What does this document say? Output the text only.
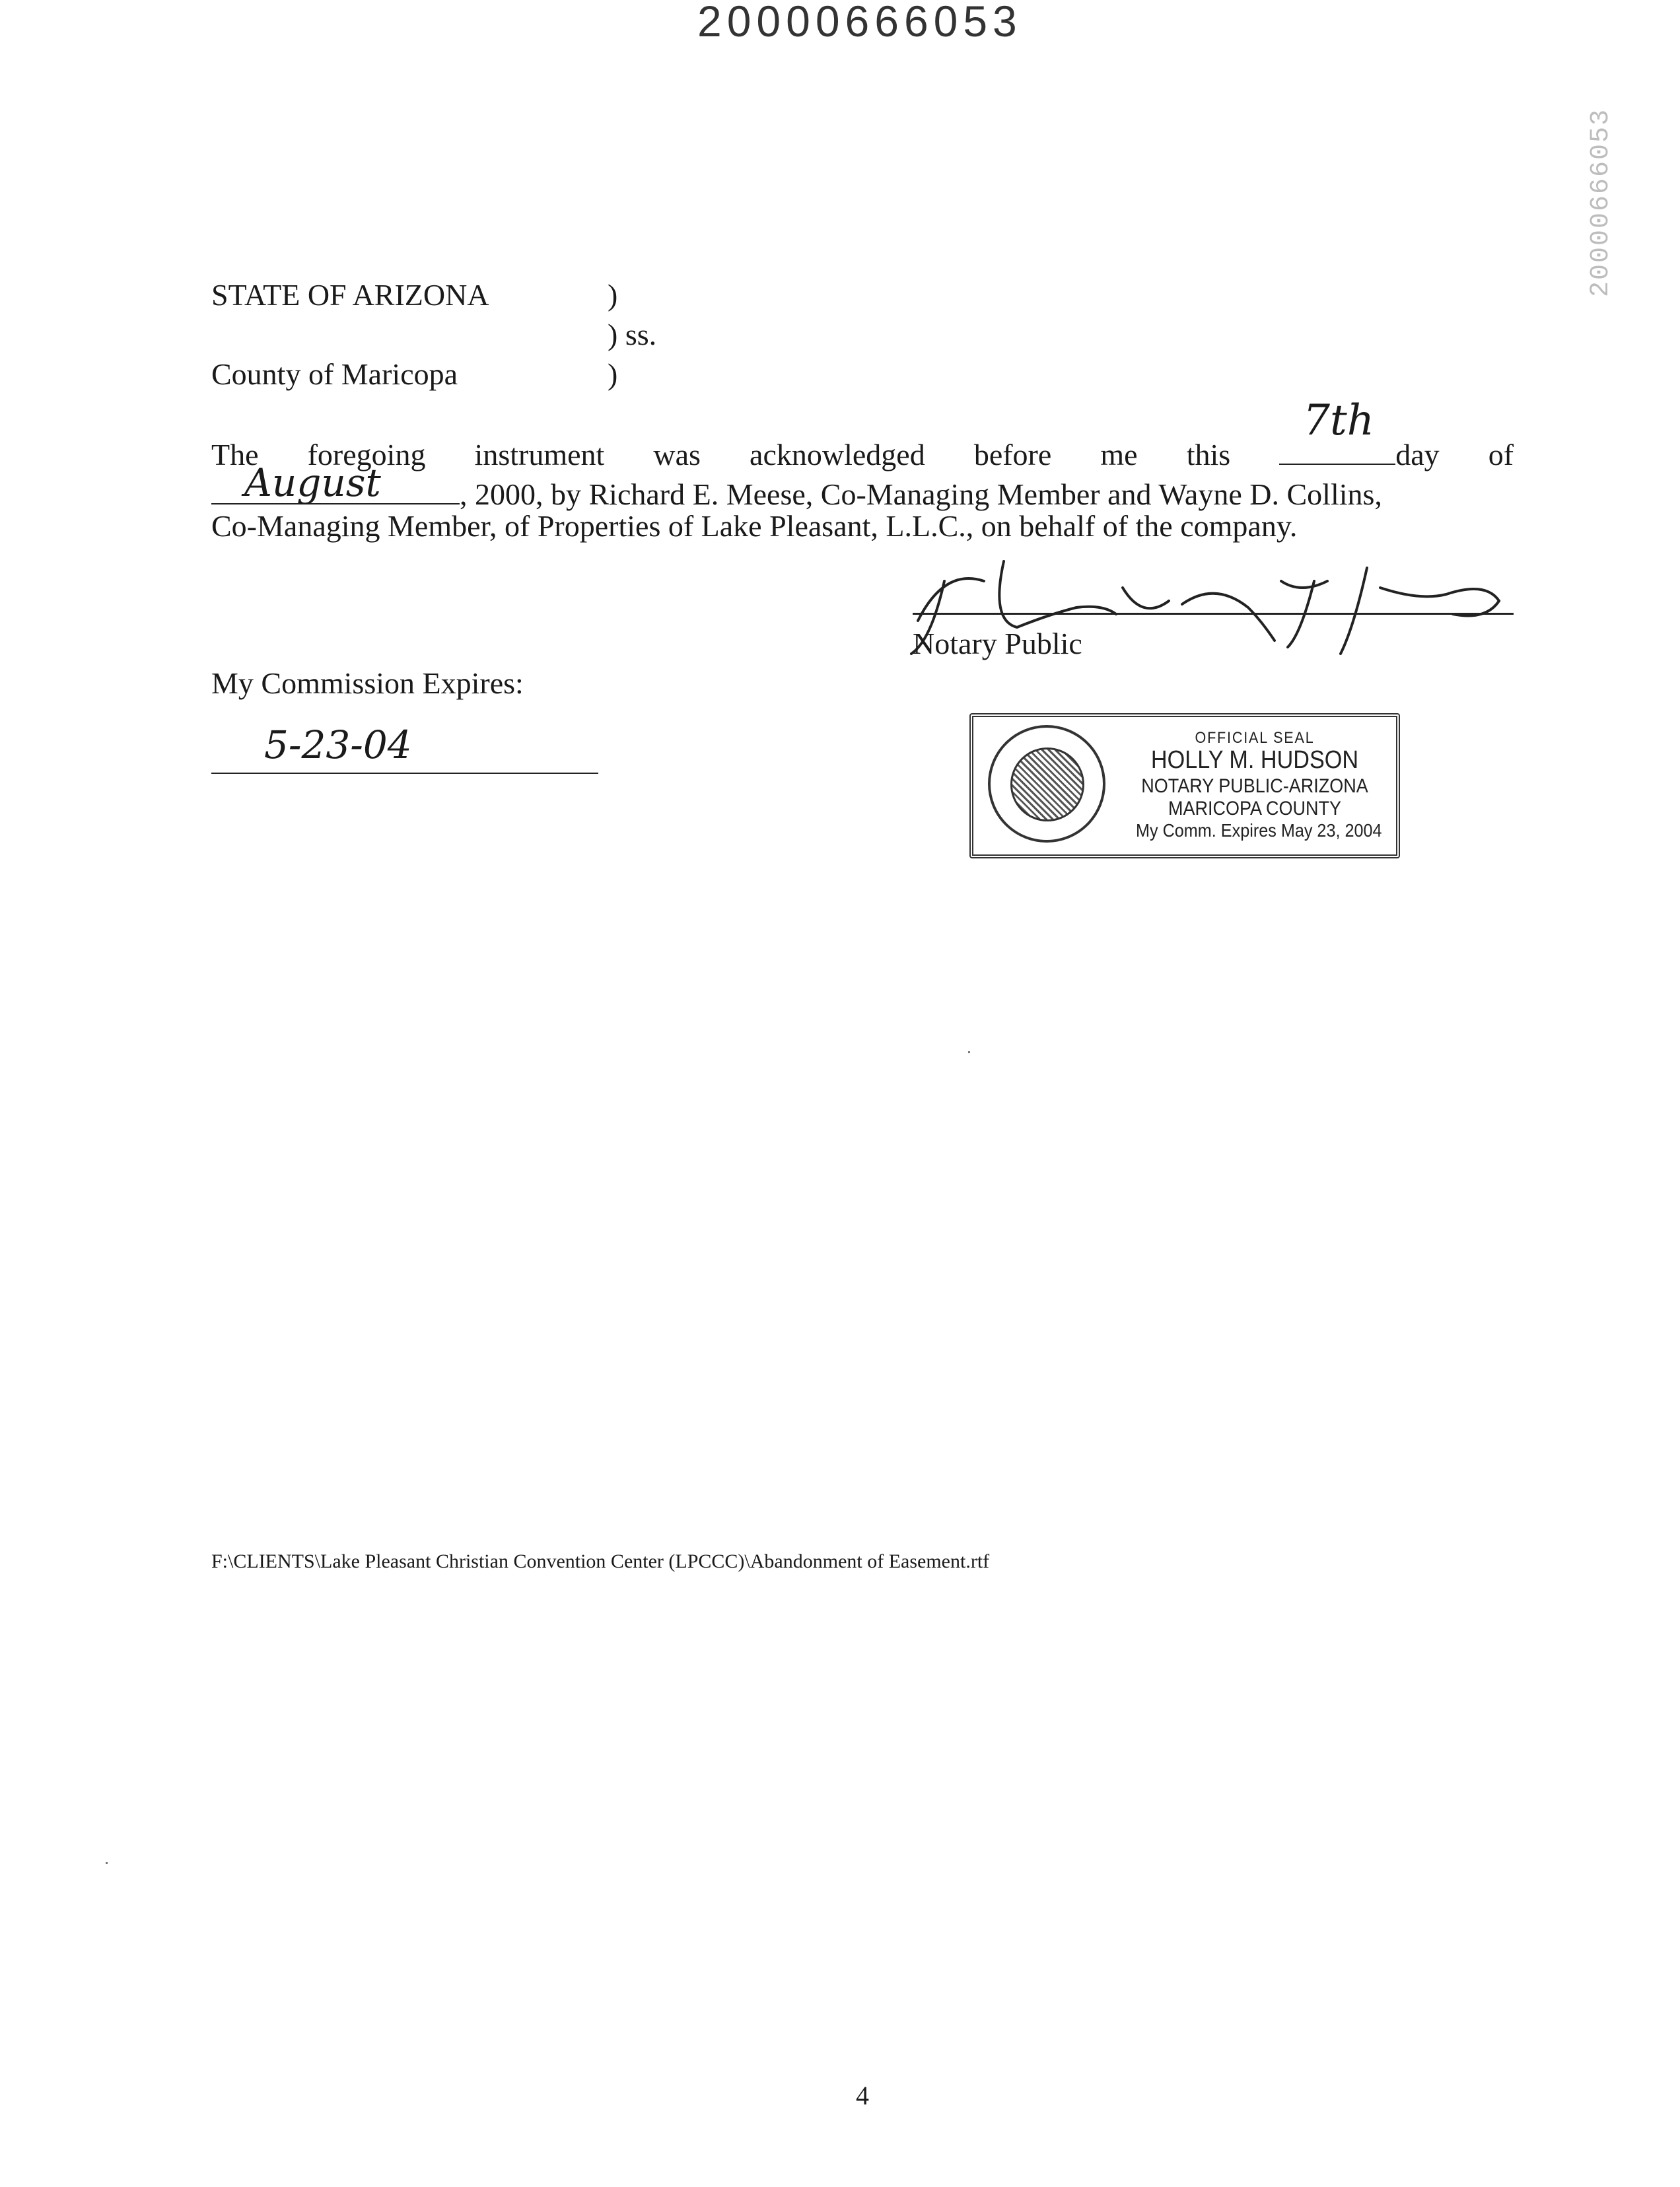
20000666053
20000666053
STATE OF ARIZONA
County of Maricopa
)
) ss.
)
The foregoing instrument was acknowledged before me this
7th
day of
August	, 2000, by Richard E. Meese, Co-Managing Member and Wayne D. Collins,
Co-Managing Member, of Properties of Lake Pleasant, L.L.C., on behalf of the company.
Notary Public
My Commission Expires:
5-23-04	OFFICIAL SEAL
HOLLY M. HUDSON
NOTARY PUBLIC-ARIZONA
MARICOPA COUNTY
My Comm. Expires May 23, 2004
F:\CLIENTS\Lake Pleasant Christian Convention Center (LPCCC)\Abandonment of Easement.rtf
4
